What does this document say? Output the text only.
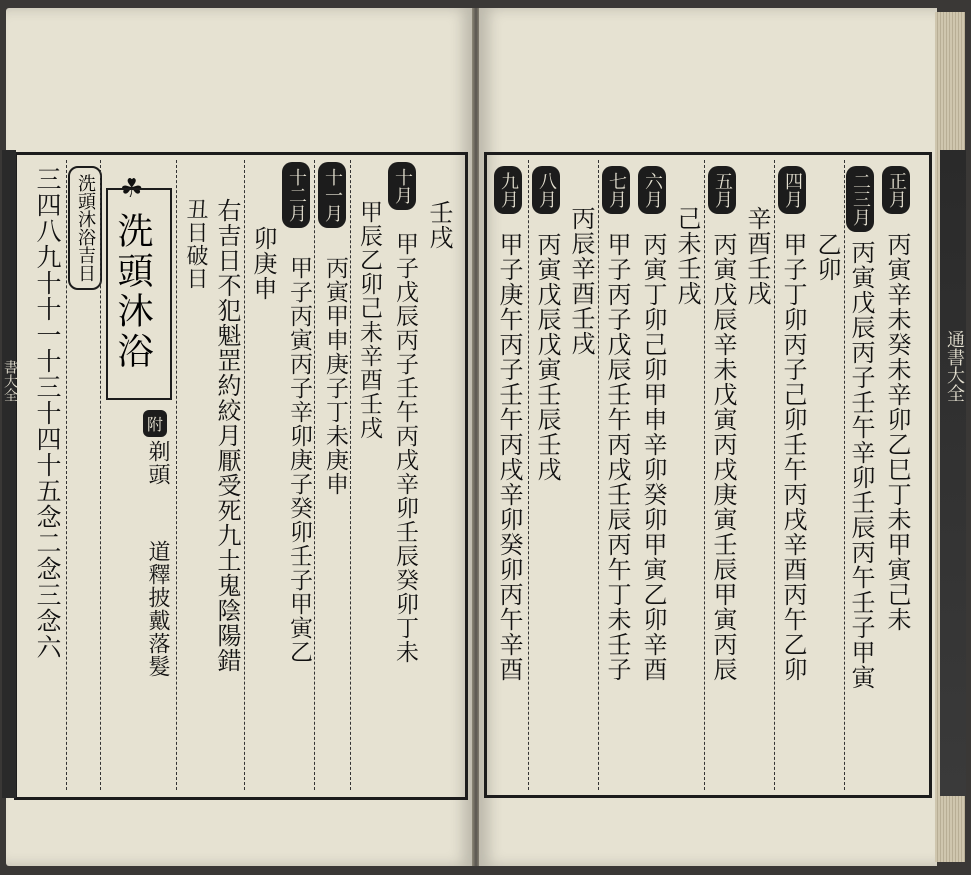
書大全	通書大全
三四八九十十一十三十四十五念二念三念六 洗頭沐浴吉日 ☘
洗頭沐浴
附
剃頭
道釋披戴落髮
丑日破日 右吉日不犯魁罡約絞月厭受死九土鬼陰陽錯 卯庚申
十二月
甲子丙寅丙子辛卯庚子癸卯壬子甲寅乙
十一月
丙寅甲申庚子丁未庚申 甲辰乙卯己未辛酉壬戌
十月
甲子戊辰丙子壬午丙戌辛卯壬辰癸卯丁未
壬戌
九月
甲子庚午丙子壬午丙戌辛卯癸卯丙午辛酉
八月
丙寅戊辰戊寅壬辰壬戌 丙辰辛酉壬戌
七月
甲子丙子戊辰壬午丙戌壬辰丙午丁未壬子
六月
丙寅丁卯己卯甲申辛卯癸卯甲寅乙卯辛酉 己未壬戌
五月
丙寅戊辰辛未戊寅丙戌庚寅壬辰甲寅丙辰 辛酉壬戌
四月
甲子丁卯丙子己卯壬午丙戌辛酉丙午乙卯 乙卯
二三月
丙寅戊辰丙子壬午辛卯壬辰丙午壬子甲寅
正月
丙寅辛未癸未辛卯乙巳丁未甲寅己未
